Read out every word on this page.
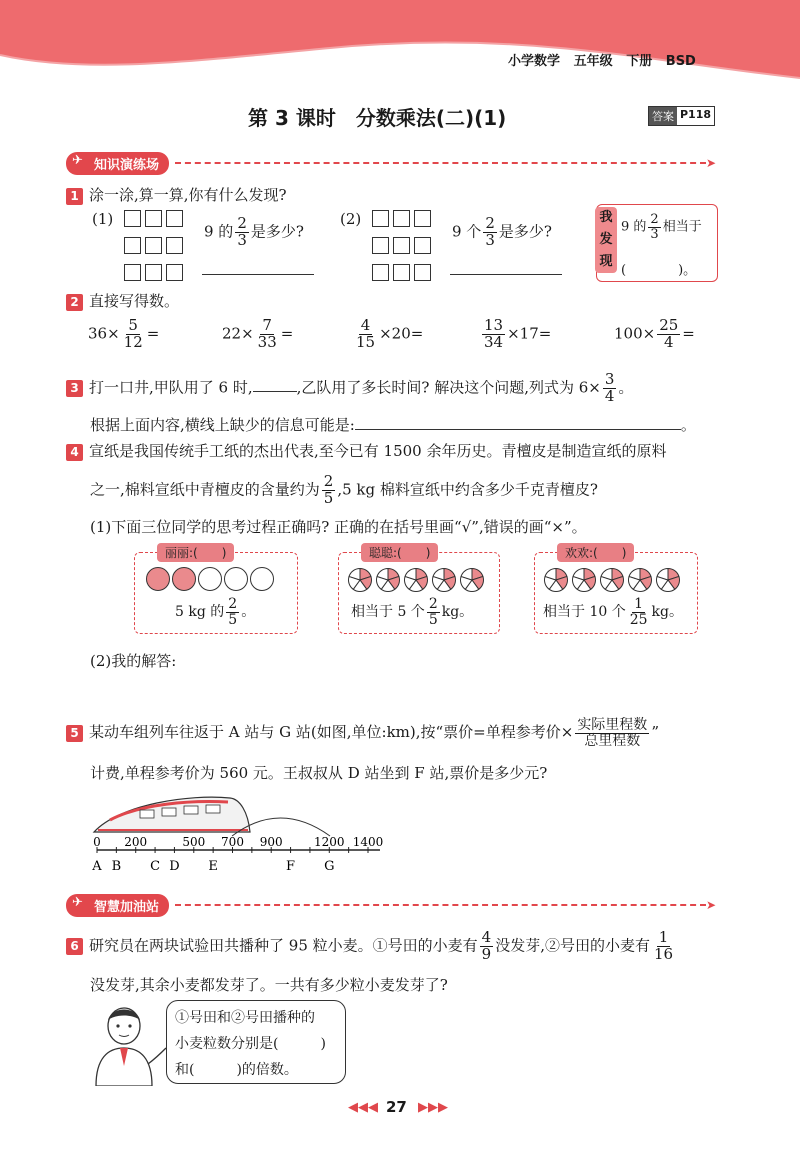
小学数学 五年级 下册 BSD
第 3 课时　分数乘法(二)(1)	答案 P118
✈ 知识演练场	➤
1 涂一涂,算一算,你有什么发现?
(1)
9 的 $\frac{2}{3}$ 是多少?
(2)
9 个 $\frac{2}{3}$ 是多少?
我发现
9 的 $\frac{2}{3}$ 相当于
(　　　　)。
2 直接写得数。
$36\times \frac{5}{12}$ =	$22\times \frac{7}{33}$ =	$\frac{4}{15} \times 20=$	$\frac{13}{34} \times 17=$	$100\times \frac{25}{4}$ =
3 打一口井,甲队用了 6 时,	,乙队用了多长时间? 解决这个问题,列式为 $6\times \frac{3}{4}$ 。
根据上面内容,横线上缺少的信息可能是:	。
4 宣纸是我国传统手工纸的杰出代表,至今已有 1500 余年历史。青檀皮是制造宣纸的原料
之一,棉料宣纸中青檀皮的含量约为 $\frac{2}{5} ,5$ kg 棉料宣纸中约含多少千克青檀皮?
(1)下面三位同学的思考过程正确吗? 正确的在括号里画“√”,错误的画“×”。
丽丽:(　　)
5 kg 的 $\frac{2}{5}$ 。
聪聪:(　　)
相当于 5 个 $\frac{2}{5}$ kg。
欢欢:(　　)
相当于 10 个 $\frac{1}{25}$ kg。
(2)我的解答:
5 某动车组列车往返于 A 站与 G 站(如图,单位:km),按“票价=单程参考价× $\frac{\text{实际里程数}}{\text{总里程数}}$ ”
计费,单程参考价为 560 元。王叔叔从 D 站坐到 F 站,票价是多少元?
0 200	500 700 900	1200 1400
A B C D E	F G
✈ 智慧加油站	➤
6 研究员在两块试验田共播种了 95 粒小麦。①号田的小麦有 $\frac{4}{9}$ 没发芽,②号田的小麦有 $\frac{1}{16}$
没发芽,其余小麦都发芽了。一共有多少粒小麦发芽了?
①号田和②号田播种的
小麦粒数分别是(　　　)
和(　　　)的倍数。
◀◀◀ 27 ▶▶▶
